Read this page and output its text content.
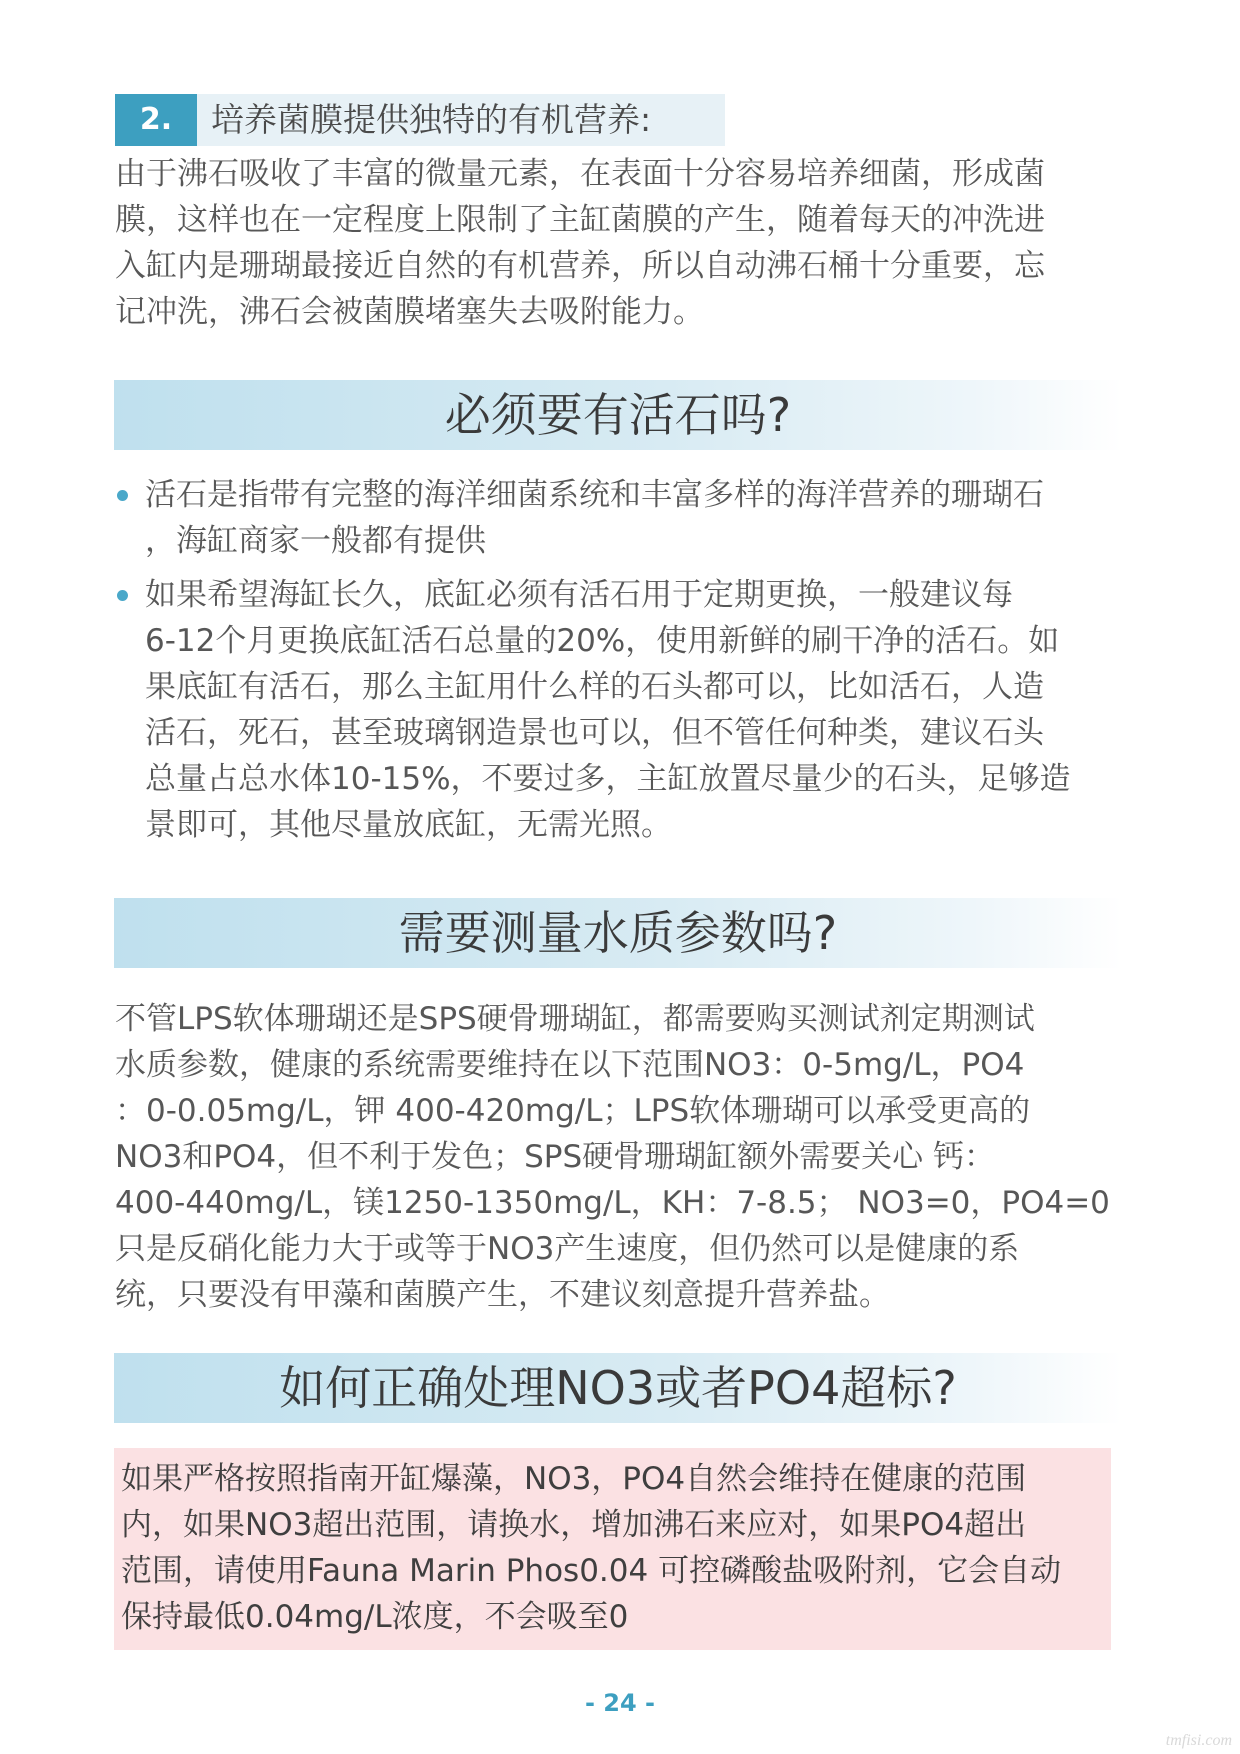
2.	培养菌膜提供独特的有机营养:
由于沸石吸收了丰富的微量元素，在表面十分容易培养细菌，形成菌
膜，这样也在一定程度上限制了主缸菌膜的产生，随着每天的冲洗进
入缸内是珊瑚最接近自然的有机营养，所以自动沸石桶十分重要，忘
记冲洗，沸石会被菌膜堵塞失去吸附能力。
必须要有活石吗?
活石是指带有完整的海洋细菌系统和丰富多样的海洋营养的珊瑚石
，海缸商家一般都有提供
如果希望海缸长久，底缸必须有活石用于定期更换，一般建议每
6-12个月更换底缸活石总量的20%，使用新鲜的刷干净的活石。如
果底缸有活石，那么主缸用什么样的石头都可以，比如活石，人造
活石，死石，甚至玻璃钢造景也可以，但不管任何种类，建议石头
总量占总水体10-15%，不要过多，主缸放置尽量少的石头，足够造
景即可，其他尽量放底缸，无需光照。
需要测量水质参数吗?
不管LPS软体珊瑚还是SPS硬骨珊瑚缸，都需要购买测试剂定期测试
水质参数，健康的系统需要维持在以下范围NO3：0-5mg/L，PO4
：0-0.05mg/L，钾 400-420mg/L；LPS软体珊瑚可以承受更高的
NO3和PO4，但不利于发色；SPS硬骨珊瑚缸额外需要关心 钙：
400-440mg/L，镁1250-1350mg/L，KH：7-8.5； NO3=0，PO4=0
只是反硝化能力大于或等于NO3产生速度，但仍然可以是健康的系
统，只要没有甲藻和菌膜产生，不建议刻意提升营养盐。
如何正确处理NO3或者PO4超标?
如果严格按照指南开缸爆藻，NO3，PO4自然会维持在健康的范围
内，如果NO3超出范围，请换水，增加沸石来应对，如果PO4超出
范围，请使用Fauna Marin Phos0.04 可控磷酸盐吸附剂，它会自动
保持最低0.04mg/L浓度，不会吸至0
- 24 -
tmfisi.com
